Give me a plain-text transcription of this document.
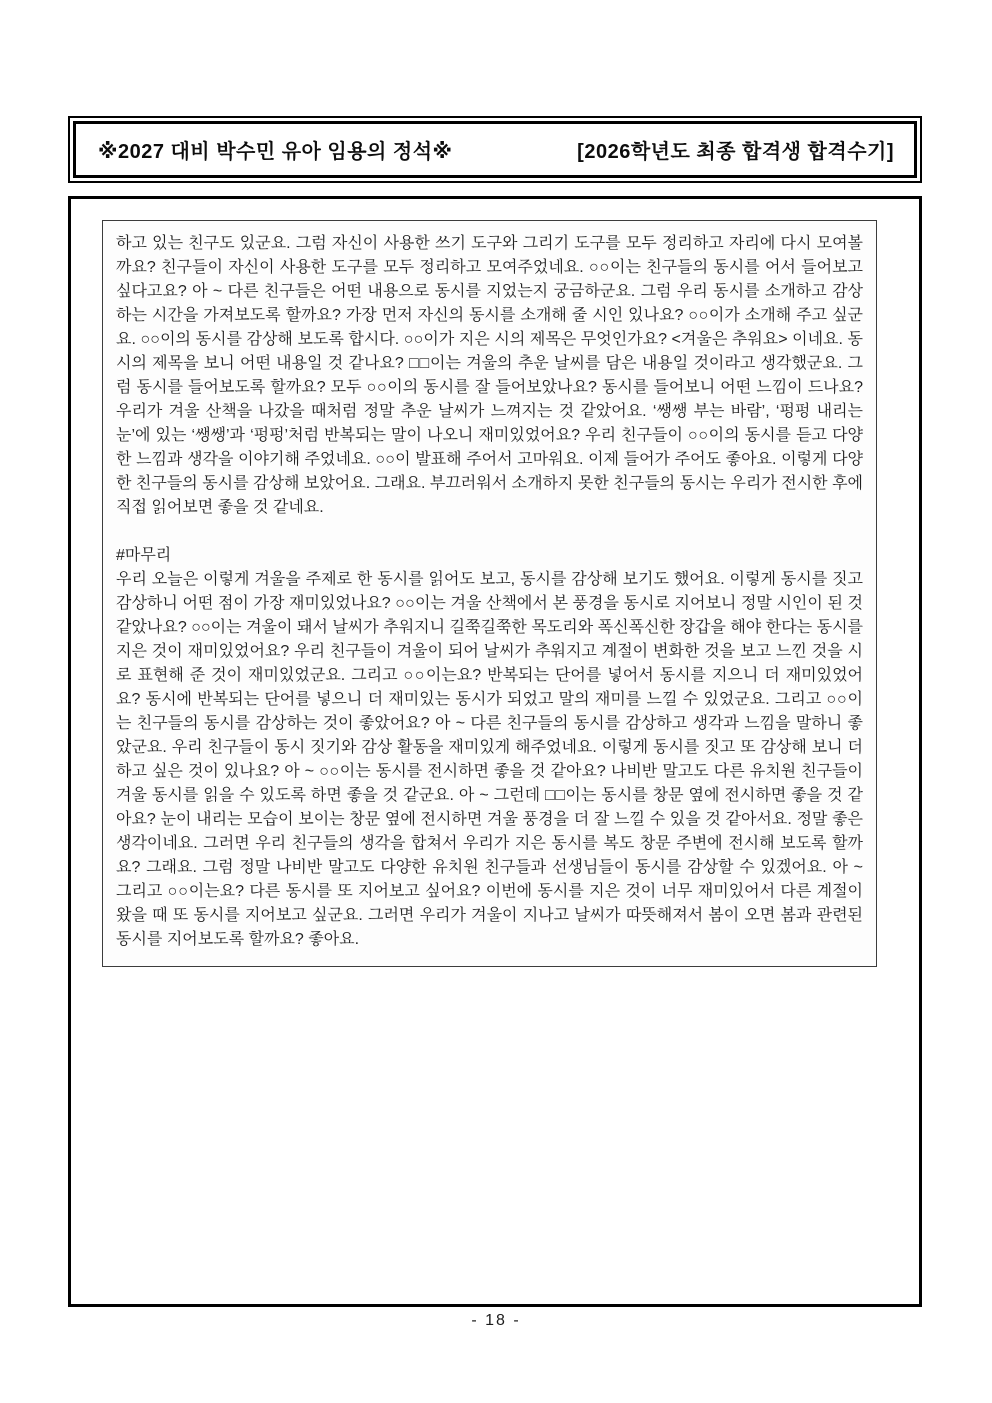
※2027 대비 박수민 유아 임용의 정석※	[2026학년도 최종 합격생 합격수기]

하고 있는 친구도 있군요. 그럼 자신이 사용한 쓰기 도구와 그리기 도구를 모두 정리하고 자리에 다시 모여볼까요? 친구들이 자신이 사용한 도구를 모두 정리하고 모여주었네요. ○○이는 친구들의 동시를 어서 들어보고 싶다고요? 아 ~ 다른 친구들은 어떤 내용으로 동시를 지었는지 궁금하군요. 그럼 우리 동시를 소개하고 감상하는 시간을 가져보도록 할까요? 가장 먼저 자신의 동시를 소개해 줄 시인 있나요? ○○이가 소개해 주고 싶군요. ○○이의 동시를 감상해 보도록 합시다. ○○이가 지은 시의 제목은 무엇인가요? <겨울은 추워요> 이네요. 동시의 제목을 보니 어떤 내용일 것 같나요? □□이는 겨울의 추운 날씨를 담은 내용일 것이라고 생각했군요. 그럼 동시를 들어보도록 할까요? 모두 ○○이의 동시를 잘 들어보았나요? 동시를 들어보니 어떤 느낌이 드나요? 우리가 겨울 산책을 나갔을 때처럼 정말 추운 날씨가 느껴지는 것 같았어요. ‘쌩쌩 부는 바람’, ‘펑펑 내리는 눈’에 있는 ‘쌩쌩’과 ‘펑펑’처럼 반복되는 말이 나오니 재미있었어요? 우리 친구들이 ○○이의 동시를 듣고 다양한 느낌과 생각을 이야기해 주었네요. ○○이 발표해 주어서 고마워요. 이제 들어가 주어도 좋아요. 이렇게 다양한 친구들의 동시를 감상해 보았어요. 그래요. 부끄러워서 소개하지 못한 친구들의 동시는 우리가 전시한 후에 직접 읽어보면 좋을 것 같네요.

#마무리

우리 오늘은 이렇게 겨울을 주제로 한 동시를 읽어도 보고, 동시를 감상해 보기도 했어요. 이렇게 동시를 짓고 감상하니 어떤 점이 가장 재미있었나요? ○○이는 겨울 산책에서 본 풍경을 동시로 지어보니 정말 시인이 된 것 같았나요? ○○이는 겨울이 돼서 날씨가 추워지니 길쭉길쭉한 목도리와 폭신폭신한 장갑을 해야 한다는 동시를 지은 것이 재미있었어요? 우리 친구들이 겨울이 되어 날씨가 추워지고 계절이 변화한 것을 보고 느낀 것을 시로 표현해 준 것이 재미있었군요. 그리고 ○○이는요? 반복되는 단어를 넣어서 동시를 지으니 더 재미있었어요? 동시에 반복되는 단어를 넣으니 더 재미있는 동시가 되었고 말의 재미를 느낄 수 있었군요. 그리고 ○○이는 친구들의 동시를 감상하는 것이 좋았어요? 아 ~ 다른 친구들의 동시를 감상하고 생각과 느낌을 말하니 좋았군요. 우리 친구들이 동시 짓기와 감상 활동을 재미있게 해주었네요. 이렇게 동시를 짓고 또 감상해 보니 더 하고 싶은 것이 있나요? 아 ~ ○○이는 동시를 전시하면 좋을 것 같아요? 나비반 말고도 다른 유치원 친구들이 겨울 동시를 읽을 수 있도록 하면 좋을 것 같군요. 아 ~ 그런데 □□이는 동시를 창문 옆에 전시하면 좋을 것 같아요? 눈이 내리는 모습이 보이는 창문 옆에 전시하면 겨울 풍경을 더 잘 느낄 수 있을 것 같아서요. 정말 좋은 생각이네요. 그러면 우리 친구들의 생각을 합쳐서 우리가 지은 동시를 복도 창문 주변에 전시해 보도록 할까요? 그래요. 그럼 정말 나비반 말고도 다양한 유치원 친구들과 선생님들이 동시를 감상할 수 있겠어요. 아 ~ 그리고 ○○이는요? 다른 동시를 또 지어보고 싶어요? 이번에 동시를 지은 것이 너무 재미있어서 다른 계절이 왔을 때 또 동시를 지어보고 싶군요. 그러면 우리가 겨울이 지나고 날씨가 따뜻해져서 봄이 오면 봄과 관련된 동시를 지어보도록 할까요? 좋아요.

- 18 -
